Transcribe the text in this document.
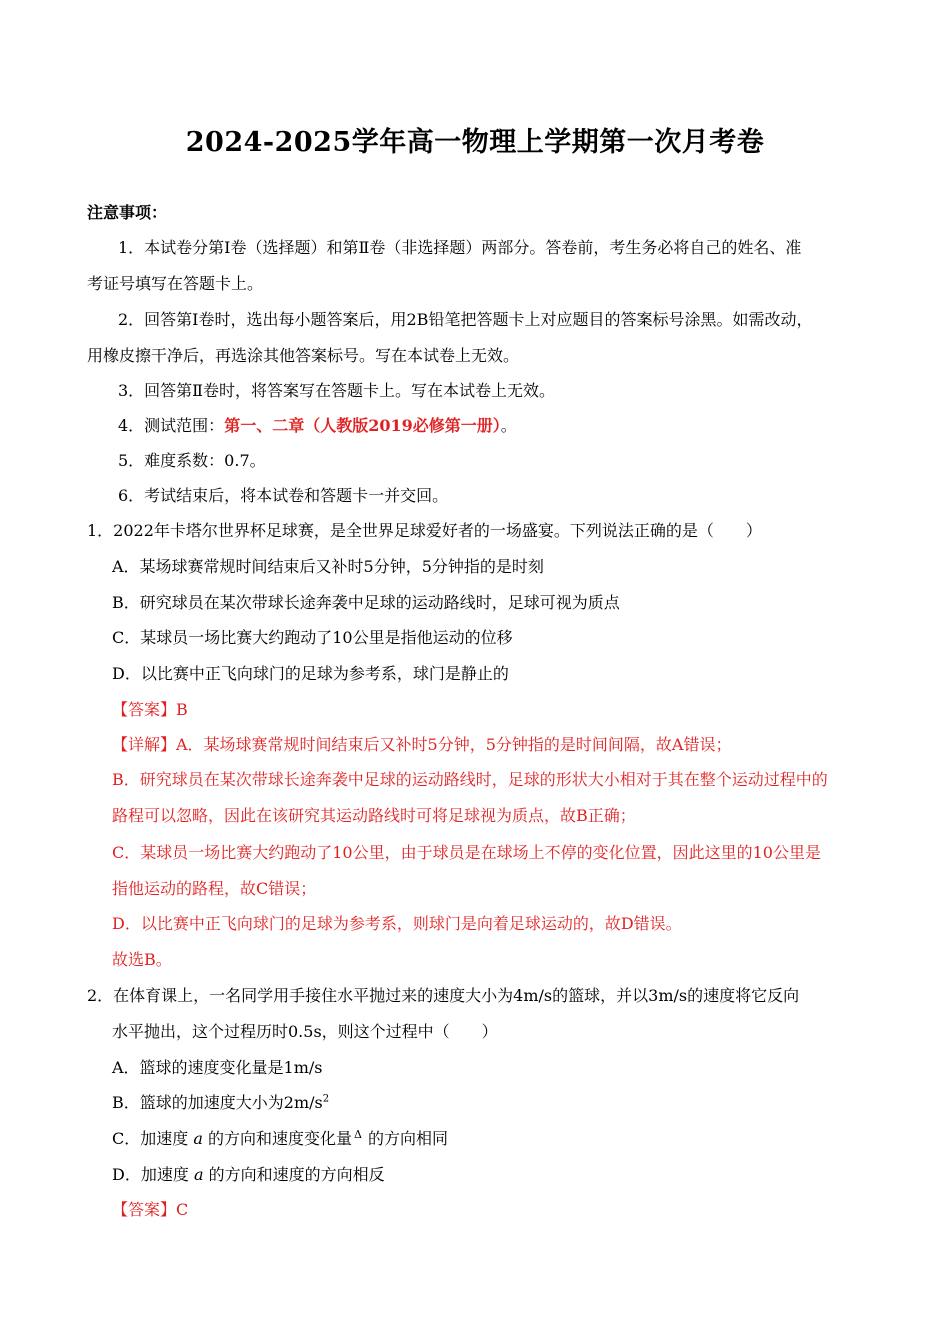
2024-2025学年高一物理上学期第一次月考卷
注意事项：
1．本试卷分第Ⅰ卷（选择题）和第Ⅱ卷（非选择题）两部分。答卷前，考生务必将自己的姓名、准
考证号填写在答题卡上。
2．回答第Ⅰ卷时，选出每小题答案后，用2B铅笔把答题卡上对应题目的答案标号涂黑。如需改动，
用橡皮擦干净后，再选涂其他答案标号。写在本试卷上无效。
3．回答第Ⅱ卷时，将答案写在答题卡上。写在本试卷上无效。
4．测试范围：第一、二章（人教版2019必修第一册）。
5．难度系数：0.7。
6．考试结束后，将本试卷和答题卡一并交回。
1．2022年卡塔尔世界杯足球赛，是全世界足球爱好者的一场盛宴。下列说法正确的是（　　）
A．某场球赛常规时间结束后又补时5分钟，5分钟指的是时刻
B．研究球员在某次带球长途奔袭中足球的运动路线时，足球可视为质点
C．某球员一场比赛大约跑动了10公里是指他运动的位移
D．以比赛中正飞向球门的足球为参考系，球门是静止的
【答案】B
【详解】A．某场球赛常规时间结束后又补时5分钟，5分钟指的是时间间隔，故A错误；
B．研究球员在某次带球长途奔袭中足球的运动路线时，足球的形状大小相对于其在整个运动过程中的
路程可以忽略，因此在该研究其运动路线时可将足球视为质点，故B正确；
C．某球员一场比赛大约跑动了10公里，由于球员是在球场上不停的变化位置，因此这里的10公里是
指他运动的路程，故C错误；
D．以比赛中正飞向球门的足球为参考系，则球门是向着足球运动的，故D错误。
故选B。
2．在体育课上，一名同学用手接住水平抛过来的速度大小为4m/s的篮球，并以3m/s的速度将它反向
水平抛出，这个过程历时0.5s，则这个过程中（　　）
A．篮球的速度变化量是1m/s
B．篮球的加速度大小为$2m/s^2$
C．加速度 a 的方向和速度变化量 $^\Delta$ 的方向相同
D．加速度 a 的方向和速度的方向相反
【答案】C
